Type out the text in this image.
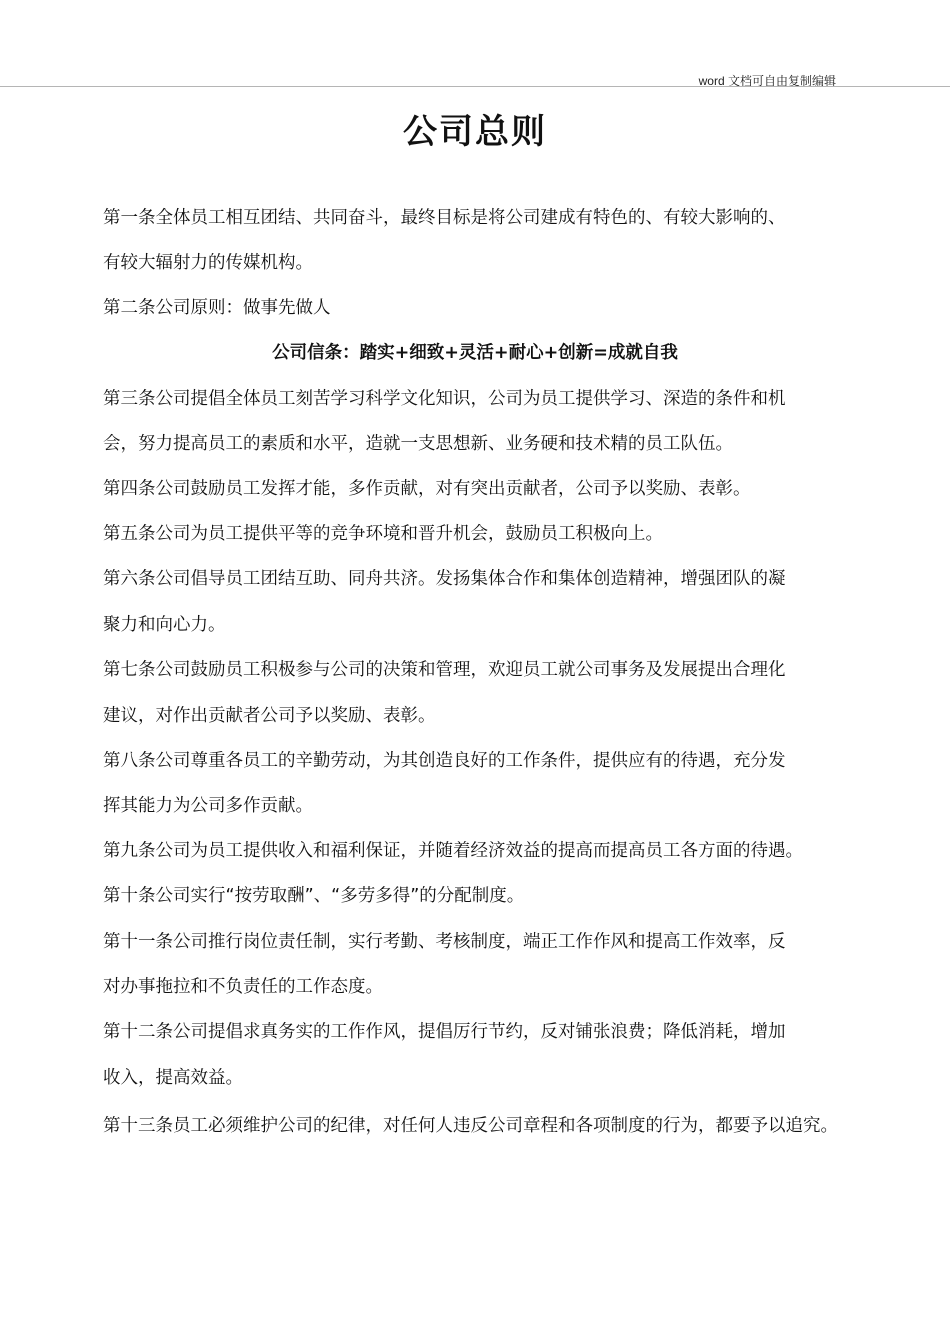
word 文档可自由复制编辑
公司总则
第一条全体员工相互团结、共同奋斗，最终目标是将公司建成有特色的、有较大影响的、
有较大辐射力的传媒机构。
第二条公司原则：做事先做人
公司信条：踏实+细致+灵活+耐心+创新=成就自我
第三条公司提倡全体员工刻苦学习科学文化知识，公司为员工提供学习、深造的条件和机
会，努力提高员工的素质和水平，造就一支思想新、业务硬和技术精的员工队伍。
第四条公司鼓励员工发挥才能，多作贡献，对有突出贡献者，公司予以奖励、表彰。
第五条公司为员工提供平等的竞争环境和晋升机会，鼓励员工积极向上。
第六条公司倡导员工团结互助、同舟共济。发扬集体合作和集体创造精神，增强团队的凝
聚力和向心力。
第七条公司鼓励员工积极参与公司的决策和管理，欢迎员工就公司事务及发展提出合理化
建议，对作出贡献者公司予以奖励、表彰。
第八条公司尊重各员工的辛勤劳动，为其创造良好的工作条件，提供应有的待遇，充分发
挥其能力为公司多作贡献。
第九条公司为员工提供收入和福利保证，并随着经济效益的提高而提高员工各方面的待遇。
第十条公司实行“按劳取酬”、“多劳多得”的分配制度。
第十一条公司推行岗位责任制，实行考勤、考核制度，端正工作作风和提高工作效率，反
对办事拖拉和不负责任的工作态度。
第十二条公司提倡求真务实的工作作风，提倡厉行节约，反对铺张浪费；降低消耗，增加
收入，提高效益。
第十三条员工必须维护公司的纪律，对任何人违反公司章程和各项制度的行为，都要予以追究。
